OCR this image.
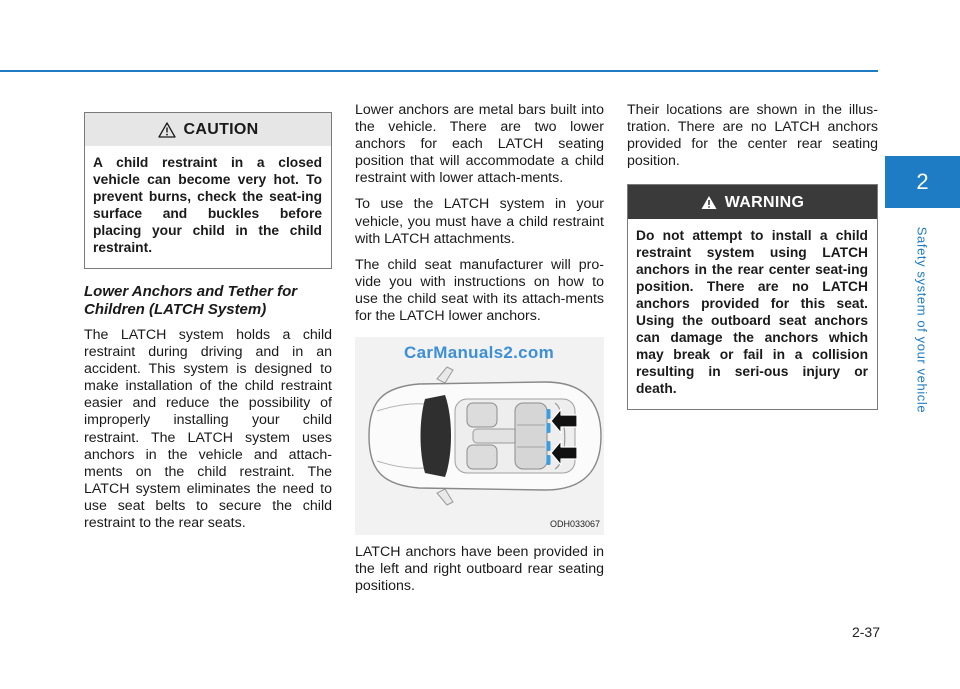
CAUTION
A child restraint in a closed vehicle can become very hot. To prevent burns, check the seat-ing surface and buckles before placing your child in the child restraint.
Lower Anchors and Tether for Children (LATCH System)

The LATCH system holds a child restraint during driving and in an accident. This system is designed to make installation of the child restraint easier and reduce the possibility of improperly installing your child restraint. The LATCH system uses anchors in the vehicle and attach-ments on the child restraint. The LATCH system eliminates the need to use seat belts to secure the child restraint to the rear seats.

Lower anchors are metal bars built into the vehicle. There are two lower anchors for each LATCH seating position that will accommodate a child restraint with lower attach-ments.

To use the LATCH system in your vehicle, you must have a child restraint with LATCH attachments.

The child seat manufacturer will pro-vide you with instructions on how to use the child seat with its attach-ments for the LATCH lower anchors.

CarManuals2.com
ODH033067

LATCH anchors have been provided in the left and right outboard rear seating positions.

Their locations are shown in the illus-tration. There are no LATCH anchors provided for the center rear seating position.

WARNING
Do not attempt to install a child restraint system using LATCH anchors in the rear center seat-ing position. There are no LATCH anchors provided for this seat. Using the outboard seat anchors can damage the anchors which may break or fail in a collision resulting in seri-ous injury or death.
2
Safety system of your vehicle
2-37
